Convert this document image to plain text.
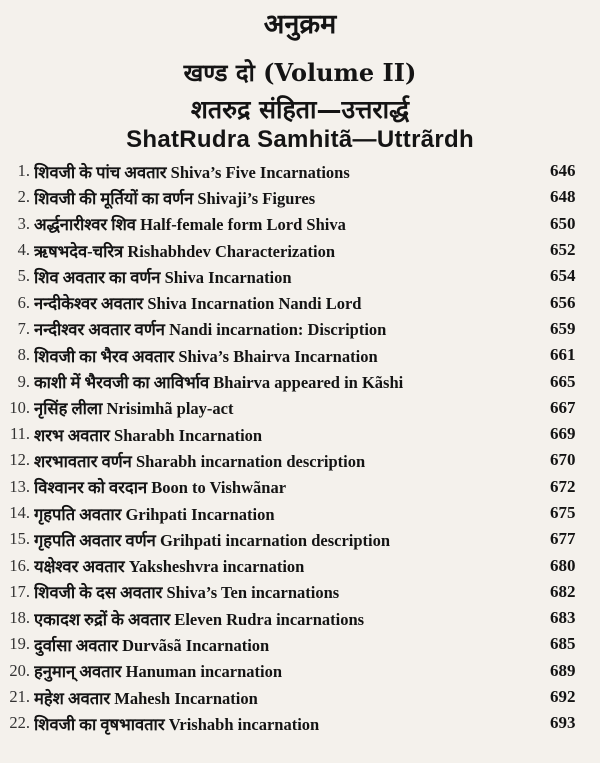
अनुक्रम
खण्ड दो (Volume II)
शतरुद्र संहिता—उत्तरार्द्ध
ShatRudra Samhitã—Uttrãrdh
1. शिवजी के पांच अवतार Shiva’s Five Incarnations	646
2. शिवजी की मूर्तियों का वर्णन Shivaji’s Figures	648
3. अर्द्धनारीश्वर शिव Half-female form Lord Shiva	650
4. ऋषभदेव-चरित्र Rishabhdev Characterization	652
5. शिव अवतार का वर्णन Shiva Incarnation	654
6. नन्दीकेश्वर अवतार Shiva Incarnation Nandi Lord	656
7. नन्दीश्वर अवतार वर्णन Nandi incarnation: Discription	659
8. शिवजी का भैरव अवतार Shiva’s Bhairva Incarnation	661
9. काशी में भैरवजी का आविर्भाव Bhairva appeared in Kãshi	665
10. नृसिंह लीला Nrisimhã play-act	667
11. शरभ अवतार Sharabh Incarnation	669
12. शरभावतार वर्णन Sharabh incarnation description	670
13. विश्वानर को वरदान Boon to Vishwãnar	672
14. गृहपति अवतार Grihpati Incarnation	675
15. गृहपति अवतार वर्णन Grihpati incarnation description	677
16. यक्षेश्वर अवतार Yaksheshvra incarnation	680
17. शिवजी के दस अवतार Shiva’s Ten incarnations	682
18. एकादश रुद्रों के अवतार Eleven Rudra incarnations	683
19. दुर्वासा अवतार Durvãsã Incarnation	685
20. हनुमान् अवतार Hanuman incarnation	689
21. महेश अवतार Mahesh Incarnation	692
22. शिवजी का वृषभावतार Vrishabh incarnation	693
